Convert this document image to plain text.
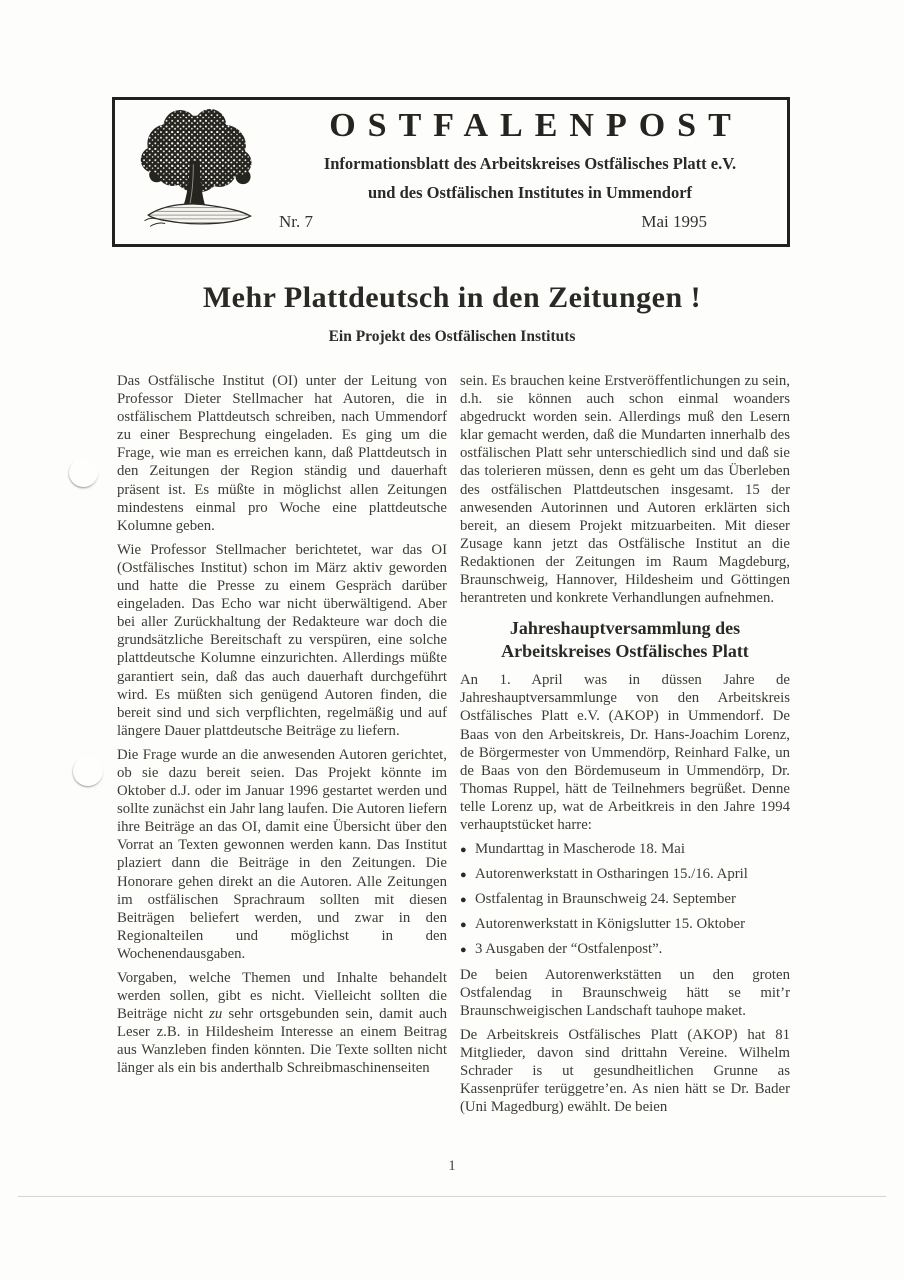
OSTFALENPOST
Informationsblatt des Arbeitskreises Ostfälisches Platt e.V.
und des Ostfälischen Institutes in Ummendorf
Nr. 7	Mai 1995
Mehr Plattdeutsch in den Zeitungen !
Ein Projekt des Ostfälischen Instituts

Das Ostfälische Institut (OI) unter der Leitung von Professor Dieter Stellmacher hat Autoren, die in ostfälischem Plattdeutsch schreiben, nach Ummendorf zu einer Besprechung eingeladen. Es ging um die Frage, wie man es erreichen kann, daß Plattdeutsch in den Zeitungen der Region ständig und dauerhaft präsent ist. Es müßte in möglichst allen Zeitungen mindestens einmal pro Woche eine plattdeutsche Kolumne geben.

Wie Professor Stellmacher berichtetet, war das OI (Ostfälisches Institut) schon im März aktiv geworden und hatte die Presse zu einem Gespräch darüber eingeladen. Das Echo war nicht überwältigend. Aber bei aller Zurückhaltung der Redakteure war doch die grundsätzliche Bereitschaft zu verspüren, eine solche plattdeutsche Kolumne einzurichten. Allerdings müßte garantiert sein, daß das auch dauerhaft durchgeführt wird. Es müßten sich genügend Autoren finden, die bereit sind und sich verpflichten, regelmäßig und auf längere Dauer plattdeutsche Beiträge zu liefern.

Die Frage wurde an die anwesenden Autoren gerichtet, ob sie dazu bereit seien. Das Projekt könnte im Oktober d.J. oder im Januar 1996 gestartet werden und sollte zunächst ein Jahr lang laufen. Die Autoren liefern ihre Beiträge an das OI, damit eine Übersicht über den Vorrat an Texten gewonnen werden kann. Das Institut plaziert dann die Beiträge in den Zeitungen. Die Honorare gehen direkt an die Autoren. Alle Zeitungen im ostfälischen Sprachraum sollten mit diesen Beiträgen beliefert werden, und zwar in den Regionalteilen und möglichst in den Wochenendausgaben.

Vorgaben, welche Themen und Inhalte behandelt werden sollen, gibt es nicht. Vielleicht sollten die Beiträge nicht zu sehr ortsgebunden sein, damit auch Leser z.B. in Hildesheim Interesse an einem Beitrag aus Wanzleben finden könnten. Die Texte sollten nicht länger als ein bis anderthalb Schreibmaschinenseiten

sein. Es brauchen keine Erstveröffentlichungen zu sein, d.h. sie können auch schon einmal woanders abgedruckt worden sein. Allerdings muß den Lesern klar gemacht werden, daß die Mundarten innerhalb des ostfälischen Platt sehr unterschiedlich sind und daß sie das tolerieren müssen, denn es geht um das Überleben des ostfälischen Plattdeutschen insgesamt. 15 der anwesenden Autorinnen und Autoren erklärten sich bereit, an diesem Projekt mitzuarbeiten. Mit dieser Zusage kann jetzt das Ostfälische Institut an die Redaktionen der Zeitungen im Raum Magdeburg, Braunschweig, Hannover, Hildesheim und Göttingen herantreten und konkrete Verhandlungen aufnehmen.

Jahreshauptversammlung des
Arbeitskreises Ostfälisches Platt

An 1. April was in düssen Jahre de Jahreshauptversammlunge von den Arbeitskreis Ostfälisches Platt e.V. (AKOP) in Ummendorf. De Baas von den Arbeitskreis, Dr. Hans-Joachim Lorenz, de Börgermester von Ummendörp, Reinhard Falke, un de Baas von den Bördemuseum in Ummendörp, Dr. Thomas Ruppel, hätt de Teilnehmers begrüßet. Denne telle Lorenz up, wat de Arbeitkreis in den Jahre 1994 verhauptstücket harre:

● Mundarttag in Mascherode 18. Mai
● Autorenwerkstatt in Ostharingen 15./16. April
● Ostfalentag in Braunschweig 24. September
● Autorenwerkstatt in Königslutter 15. Oktober
● 3 Ausgaben der “Ostfalenpost”.

De beien Autorenwerkstätten un den groten Ostfalendag in Braunschweig hätt se mit’r Braunschweigischen Landschaft tauhope maket.

De Arbeitskreis Ostfälisches Platt (AKOP) hat 81 Mitglieder, davon sind drittahn Vereine. Wilhelm Schrader is ut gesundheitlichen Grunne as Kassenprüfer terüggetre’en. As nien hätt se Dr. Bader (Uni Magedburg) ewählt. De beien

1
